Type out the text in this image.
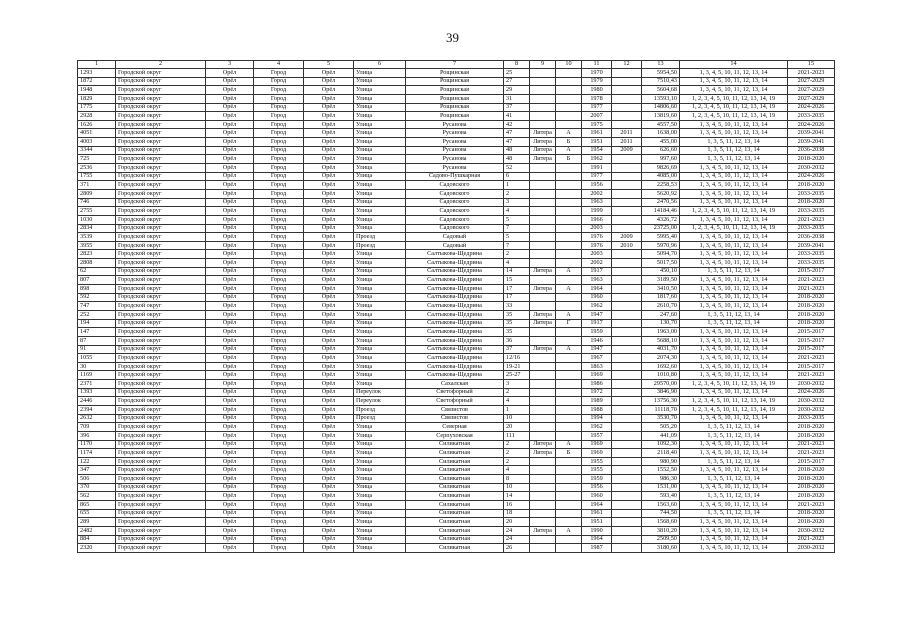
39
1	2	3	4	5	6	7	8	9	10	11	12	13	14	15
1293	Городской округ	Орёл	Город	Орёл	Улица	Рощинская	25			1970		5954,50	1, 3, 4, 5, 10, 11, 12, 13, 14	2021-2023
1872	Городской округ	Орёл	Город	Орёл	Улица	Рощинская	27			1979		7510,43	1, 3, 4, 5, 10, 11, 12, 13, 14	2027-2029
1948	Городской округ	Орёл	Город	Орёл	Улица	Рощинская	29			1980		5604,68	1, 3, 4, 5, 10, 11, 12, 13, 14	2027-2029
1829	Городской округ	Орёл	Город	Орёл	Улица	Рощинская	31			1978		13593,10	1, 2, 3, 4, 5, 10, 11, 12, 13, 14, 19	2027-2029
1775	Городской округ	Орёл	Город	Орёл	Улица	Рощинская	37			1977		14806,60	1, 2, 3, 4, 5, 10, 11, 12, 13, 14, 19	2024-2026
2928	Городской округ	Орёл	Город	Орёл	Улица	Рощинская	41			2007		13819,60	1, 2, 3, 4, 5, 10, 11, 12, 13, 14, 19	2033-2035
1626	Городской округ	Орёл	Город	Орёл	Улица	Русанова	42			1975		4557,50	1, 3, 4, 5, 10, 11, 12, 13, 14	2024-2026
4051	Городской округ	Орёл	Город	Орёл	Улица	Русанова	47	Литера	А	1961	2011	1638,00	1, 3, 4, 5, 10, 11, 12, 13, 14	2039-2041
4003	Городской округ	Орёл	Город	Орёл	Улица	Русанова	47	Литера	Б	1951	2011	455,00	1, 3, 5, 11, 12, 13, 14	2039-2041
3344	Городской округ	Орёл	Город	Орёл	Улица	Русанова	48	Литера	А	1954	2009	626,60	1, 3, 5, 11, 12, 13, 14	2036-2038
725	Городской округ	Орёл	Город	Орёл	Улица	Русанова	48	Литера	Б	1962		997,60	1, 3, 5, 11, 12, 13, 14	2018-2020
2536	Городской округ	Орёл	Город	Орёл	Улица	Русанова	52			1991		9826,69	1, 3, 4, 5, 10, 11, 12, 13, 14	2030-2032
1755	Городской округ	Орёл	Город	Орёл	Улица	Садово-Пушкарная	6			1977		4085,00	1, 3, 4, 5, 10, 11, 12, 13, 14	2024-2026
371	Городской округ	Орёл	Город	Орёл	Улица	Садовского	1			1956		2258,53	1, 3, 4, 5, 10, 11, 12, 13, 14	2018-2020
2809	Городской округ	Орёл	Город	Орёл	Улица	Садовского	2			2002		5620,92	1, 3, 4, 5, 10, 11, 12, 13, 14	2033-2035
746	Городской округ	Орёл	Город	Орёл	Улица	Садовского	3			1963		2470,56	1, 3, 4, 5, 10, 11, 12, 13, 14	2018-2020
2755	Городской округ	Орёл	Город	Орёл	Улица	Садовского	4			1999		14184,46	1, 2, 3, 4, 5, 10, 11, 12, 13, 14, 19	2033-2035
1030	Городской округ	Орёл	Город	Орёл	Улица	Садовского	5			1966		4326,72	1, 3, 4, 5, 10, 11, 12, 13, 14	2021-2023
2834	Городской округ	Орёл	Город	Орёл	Улица	Садовского	7			2003		23725,00	1, 2, 3, 4, 5, 10, 11, 12, 13, 14, 19	2033-2035
3539	Городской округ	Орёл	Город	Орёл	Проезд	Садовый	5			1976	2009	5995,40	1, 3, 4, 5, 10, 11, 12, 13, 14	2036-2038
3955	Городской округ	Орёл	Город	Орёл	Проезд	Садовый	7			1976	2010	5970,96	1, 3, 4, 5, 10, 11, 12, 13, 14	2039-2041
2823	Городской округ	Орёл	Город	Орёл	Улица	Салтыкова-Щедрина	2			2003		5094,70	1, 3, 4, 5, 10, 11, 12, 13, 14	2033-2035
2808	Городской округ	Орёл	Город	Орёл	Улица	Салтыкова-Щедрина	4			2002		5017,50	1, 3, 4, 5, 10, 11, 12, 13, 14	2033-2035
62	Городской округ	Орёл	Город	Орёл	Улица	Салтыкова-Щедрина	14	Литера	А	1917		450,10	1, 3, 5, 11, 12, 13, 14	2015-2017
807	Городской округ	Орёл	Город	Орёл	Улица	Салтыкова-Щедрина	15			1963		3189,50	1, 3, 4, 5, 10, 11, 12, 13, 14	2021-2023
898	Городской округ	Орёл	Город	Орёл	Улица	Салтыкова-Щедрина	17	Литера	А	1964		3410,50	1, 3, 4, 5, 10, 11, 12, 13, 14	2021-2023
592	Городской округ	Орёл	Город	Орёл	Улица	Салтыкова-Щедрина	17			1960		1817,60	1, 3, 4, 5, 10, 11, 12, 13, 14	2018-2020
747	Городской округ	Орёл	Город	Орёл	Улица	Салтыкова-Щедрина	33			1962		2610,70	1, 3, 4, 5, 10, 11, 12, 13, 14	2018-2020
252	Городской округ	Орёл	Город	Орёл	Улица	Салтыкова-Щедрина	35	Литера	А	1947		247,60	1, 3, 5, 11, 12, 13, 14	2018-2020
194	Городской округ	Орёл	Город	Орёл	Улица	Салтыкова-Щедрина	35	Литера	Г	1917		130,70	1, 3, 5, 11, 12, 13, 14	2018-2020
147	Городской округ	Орёл	Город	Орёл	Улица	Салтыкова-Щедрина	35			1959		1963,00	1, 3, 4, 5, 10, 11, 12, 13, 14	2015-2017
87	Городской округ	Орёл	Город	Орёл	Улица	Салтыкова-Щедрина	36			1946		5688,10	1, 3, 4, 5, 10, 11, 12, 13, 14	2015-2017
91	Городской округ	Орёл	Город	Орёл	Улица	Салтыкова-Щедрина	37	Литера	А	1947		4031,70	1, 3, 4, 5, 10, 11, 12, 13, 14	2015-2017
1055	Городской округ	Орёл	Город	Орёл	Улица	Салтыкова-Щедрина	12/16			1967		2074,30	1, 3, 4, 5, 10, 11, 12, 13, 14	2021-2023
30	Городской округ	Орёл	Город	Орёл	Улица	Салтыкова-Щедрина	19-21			1863		1692,60	1, 3, 4, 5, 10, 11, 12, 13, 14	2015-2017
1169	Городской округ	Орёл	Город	Орёл	Улица	Салтыкова-Щедрина	25-27			1969		1010,80	1, 3, 4, 5, 10, 11, 12, 13, 14	2021-2023
2371	Городской округ	Орёл	Город	Орёл	Улица	Сахалская	3			1986		29570,00	1, 2, 3, 4, 5, 10, 11, 12, 13, 14, 19	2030-2032
1393	Городской округ	Орёл	Город	Орёл	Переулок	Светофорный	2			1972		3846,90	1, 3, 4, 5, 10, 11, 12, 13, 14	2024-2026
2446	Городской округ	Орёл	Город	Орёл	Переулок	Светофорный	4			1989		13756,30	1, 2, 3, 4, 5, 10, 11, 12, 13, 14, 19	2030-2032
2394	Городской округ	Орёл	Город	Орёл	Проезд	Связистов	1			1988		11118,70	1, 2, 3, 4, 5, 10, 11, 12, 13, 14, 19	2030-2032
2632	Городской округ	Орёл	Город	Орёл	Проезд	Связистов	10			1994		3530,70	1, 3, 4, 5, 10, 11, 12, 13, 14	2033-2035
709	Городской округ	Орёл	Город	Орёл	Улица	Северная	20			1962		505,20	1, 3, 5, 11, 12, 13, 14	2018-2020
396	Городской округ	Орёл	Город	Орёл	Улица	Серпуховская	111			1957		441,09	1, 3, 5, 11, 12, 13, 14	2018-2020
1170	Городской округ	Орёл	Город	Орёл	Улица	Силикатная	2	Литера	А	1969		1092,30	1, 3, 4, 5, 10, 11, 12, 13, 14	2021-2023
1174	Городской округ	Орёл	Город	Орёл	Улица	Силикатная	2	Литера	Б	1969		2118,40	1, 3, 4, 5, 10, 11, 12, 13, 14	2021-2023
122	Городской округ	Орёл	Город	Орёл	Улица	Силикатная	2			1955		980,90	1, 3, 5, 11, 12, 13, 14	2015-2017
347	Городской округ	Орёл	Город	Орёл	Улица	Силикатная	4			1955		1552,50	1, 3, 4, 5, 10, 11, 12, 13, 14	2018-2020
506	Городской округ	Орёл	Город	Орёл	Улица	Силикатная	8			1959		986,30	1, 3, 5, 11, 12, 13, 14	2018-2020
370	Городской округ	Орёл	Город	Орёл	Улица	Силикатная	10			1956		1531,00	1, 3, 4, 5, 10, 11, 12, 13, 14	2018-2020
562	Городской округ	Орёл	Город	Орёл	Улица	Силикатная	14			1960		593,40	1, 3, 5, 11, 12, 13, 14	2018-2020
865	Городской округ	Орёл	Город	Орёл	Улица	Силикатная	16			1964		1563,60	1, 3, 4, 5, 10, 11, 12, 13, 14	2021-2023
655	Городской округ	Орёл	Город	Орёл	Улица	Силикатная	18			1961		744,50	1, 3, 5, 11, 12, 13, 14	2018-2020
289	Городской округ	Орёл	Город	Орёл	Улица	Силикатная	20			1951		1568,60	1, 3, 4, 5, 10, 11, 12, 13, 14	2018-2020
2482	Городской округ	Орёл	Город	Орёл	Улица	Силикатная	24	Литера	А	1990		3810,20	1, 3, 4, 5, 10, 11, 12, 13, 14	2030-2032
884	Городской округ	Орёл	Город	Орёл	Улица	Силикатная	24			1964		2509,50	1, 3, 4, 5, 10, 11, 12, 13, 14	2021-2023
2320	Городской округ	Орёл	Город	Орёл	Улица	Силикатная	26			1987		3180,60	1, 3, 4, 5, 10, 11, 12, 13, 14	2030-2032
